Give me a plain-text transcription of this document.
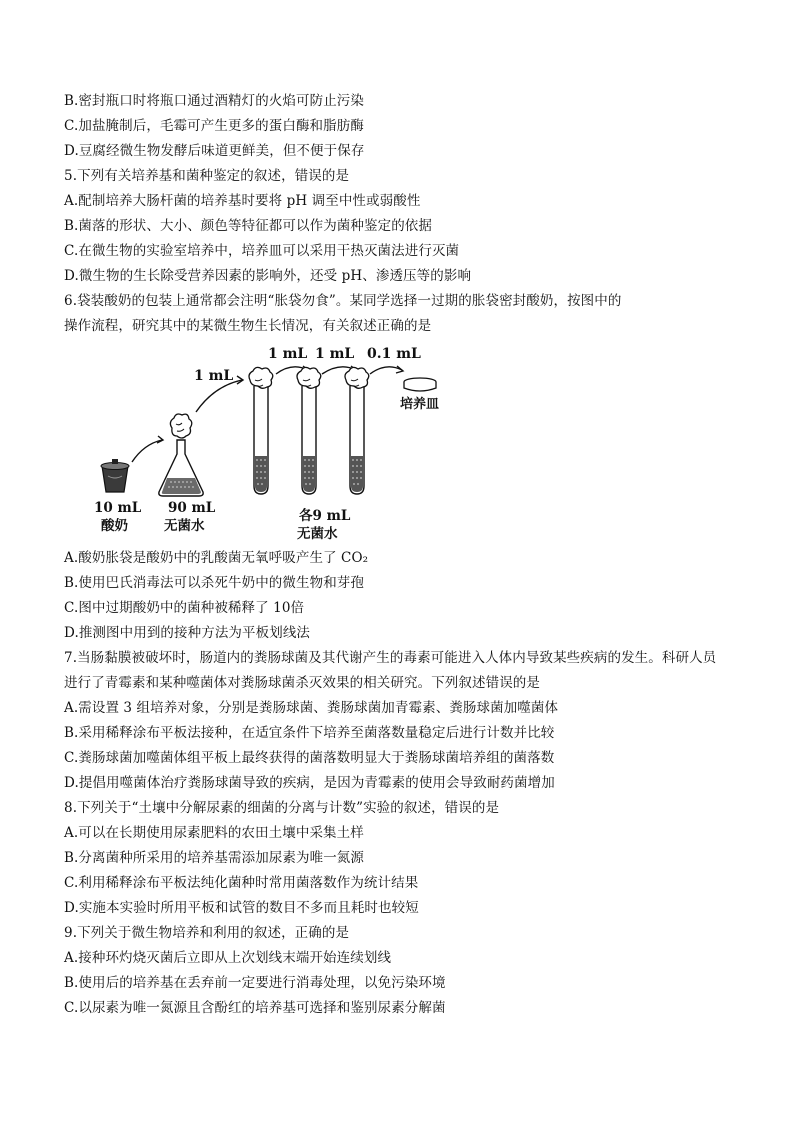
B.密封瓶口时将瓶口通过酒精灯的火焰可防止污染
C.加盐腌制后，毛霉可产生更多的蛋白酶和脂肪酶
D.豆腐经微生物发酵后味道更鲜美，但不便于保存
5.下列有关培养基和菌种鉴定的叙述，错误的是
A.配制培养大肠杆菌的培养基时要将 pH 调至中性或弱酸性
B.菌落的形状、大小、颜色等特征都可以作为菌种鉴定的依据
C.在微生物的实验室培养中，培养皿可以采用干热灭菌法进行灭菌
D.微生物的生长除受营养因素的影响外，还受 pH、渗透压等的影响
6.袋装酸奶的包装上通常都会注明“胀袋勿食”。某同学选择一过期的胀袋密封酸奶，按图中的
操作流程，研究其中的某微生物生长情况，有关叙述正确的是
1 mL
1 mL 1 mL 0.1 mL
培养皿
10 mL
酸奶
90 mL
无菌水
各9 mL
无菌水
A.酸奶胀袋是酸奶中的乳酸菌无氧呼吸产生了 CO₂
B.使用巴氏消毒法可以杀死牛奶中的微生物和芽孢
C.图中过期酸奶中的菌种被稀释了 10倍
D.推测图中用到的接种方法为平板划线法
7.当肠黏膜被破坏时，肠道内的粪肠球菌及其代谢产生的毒素可能进入人体内导致某些疾病的发生。科研人员
进行了青霉素和某种噬菌体对粪肠球菌杀灭效果的相关研究。下列叙述错误的是
A.需设置 3 组培养对象，分别是粪肠球菌、粪肠球菌加青霉素、粪肠球菌加噬菌体
B.采用稀释涂布平板法接种，在适宜条件下培养至菌落数量稳定后进行计数并比较
C.粪肠球菌加噬菌体组平板上最终获得的菌落数明显大于粪肠球菌培养组的菌落数
D.提倡用噬菌体治疗粪肠球菌导致的疾病，是因为青霉素的使用会导致耐药菌增加
8.下列关于“土壤中分解尿素的细菌的分离与计数”实验的叙述，错误的是
A.可以在长期使用尿素肥料的农田土壤中采集土样
B.分离菌种所采用的培养基需添加尿素为唯一氮源
C.利用稀释涂布平板法纯化菌种时常用菌落数作为统计结果
D.实施本实验时所用平板和试管的数目不多而且耗时也较短
9.下列关于微生物培养和利用的叙述，正确的是
A.接种环灼烧灭菌后立即从上次划线末端开始连续划线
B.使用后的培养基在丢弃前一定要进行消毒处理，以免污染环境
C.以尿素为唯一氮源且含酚红的培养基可选择和鉴别尿素分解菌
